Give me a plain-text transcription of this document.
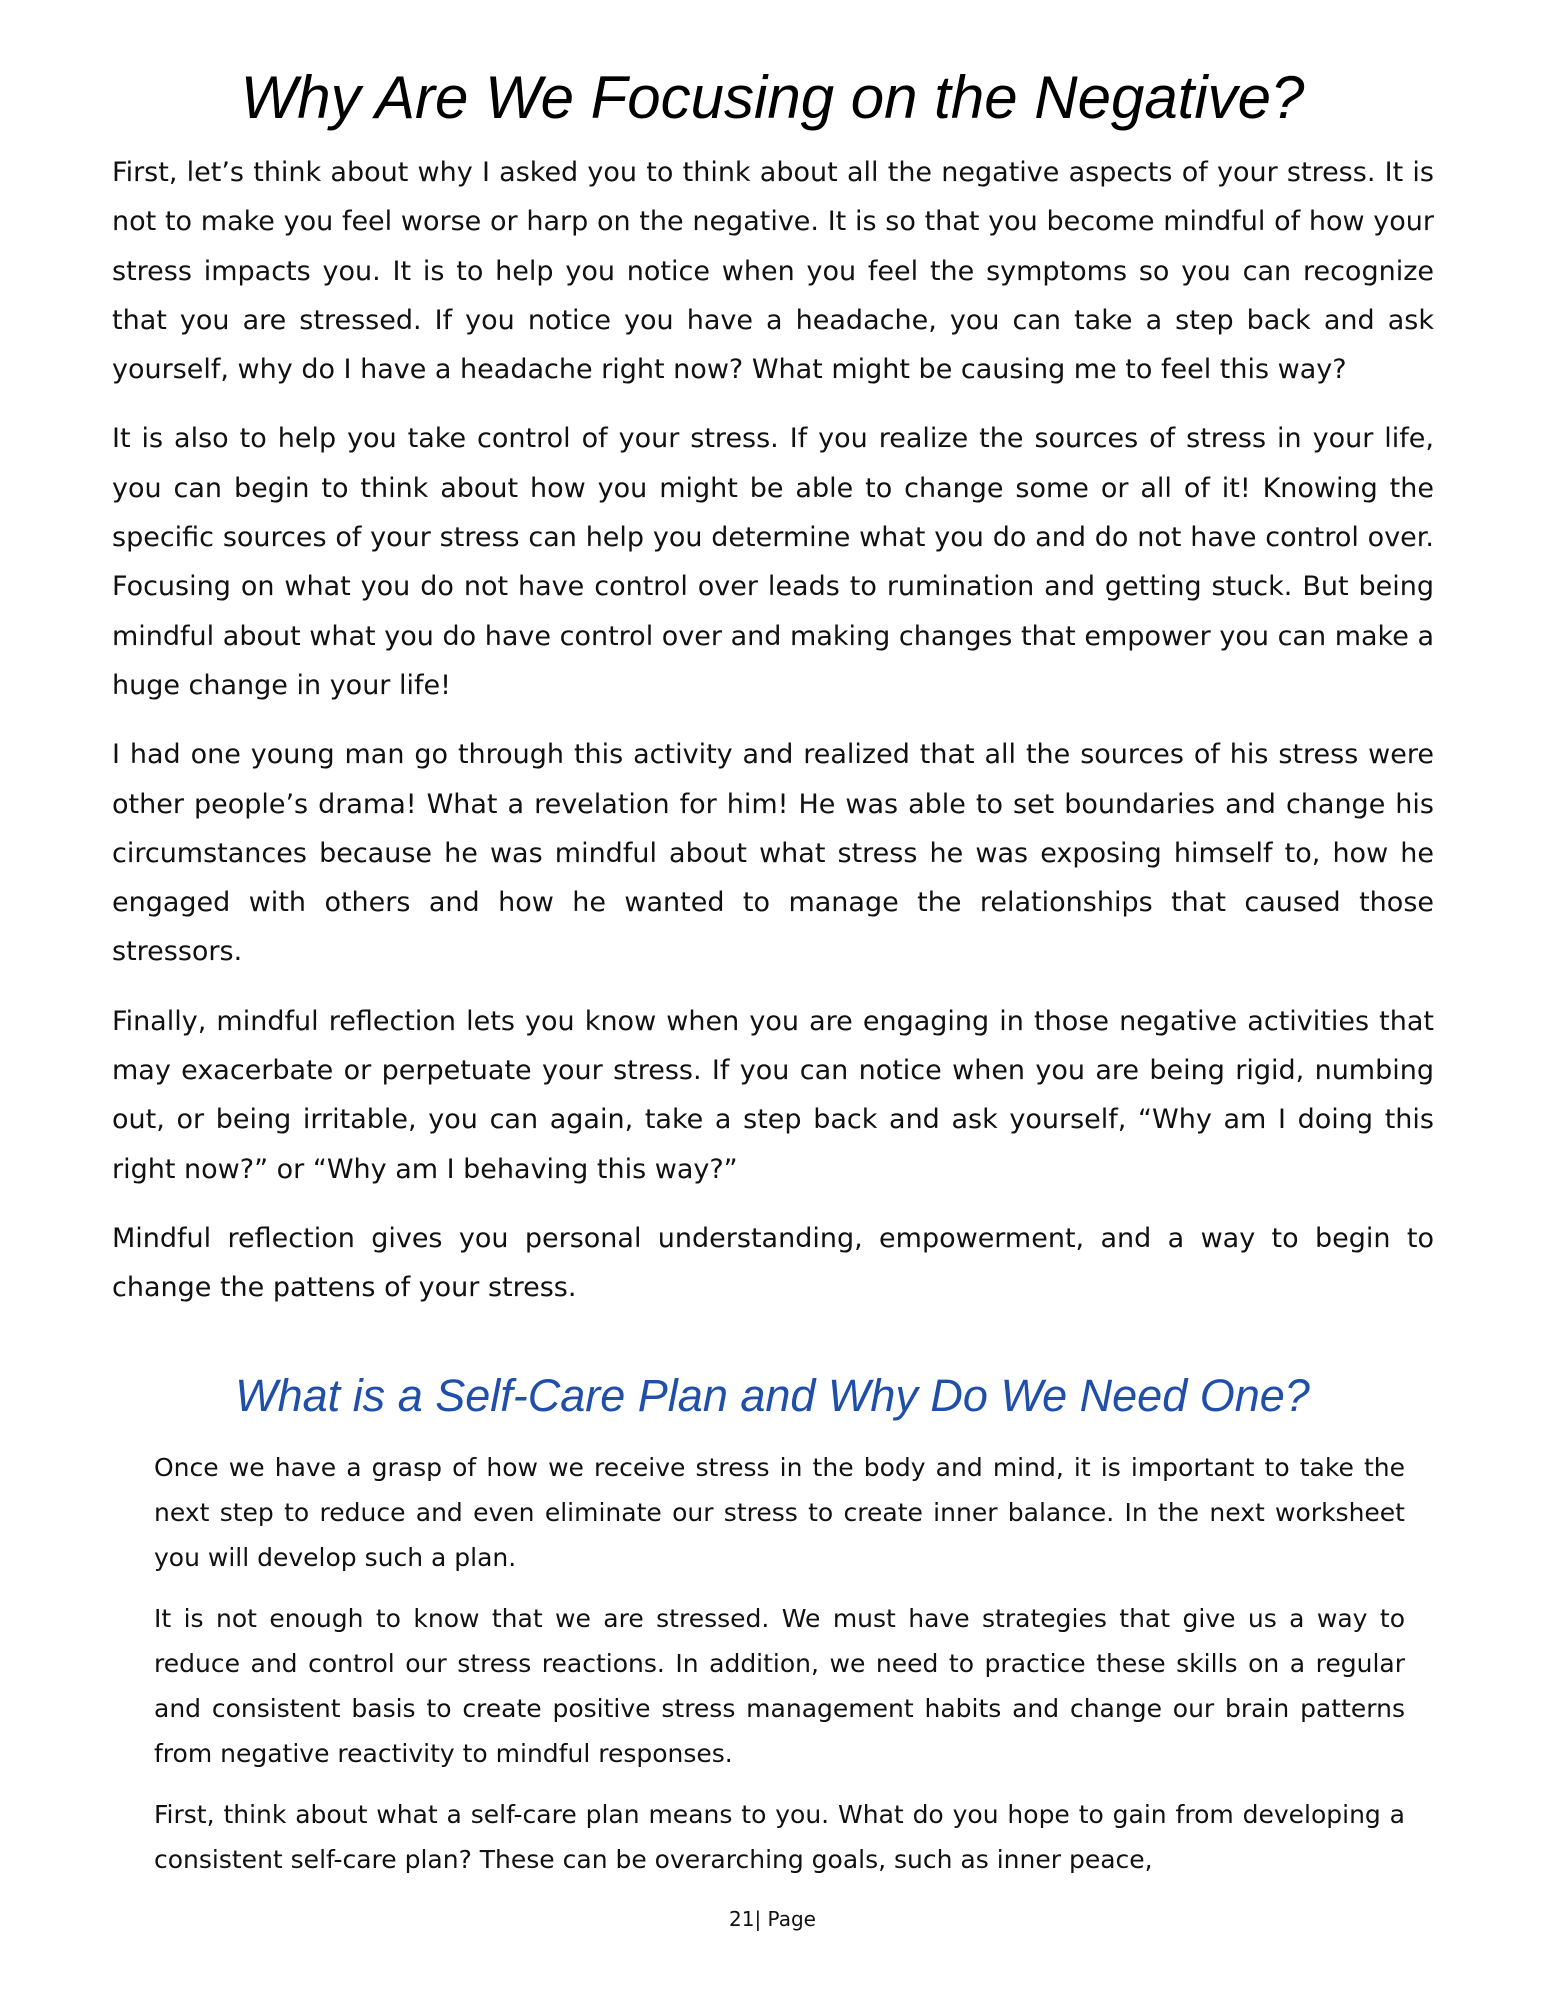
Why Are We Focusing on the Negative?

First, let’s think about why I asked you to think about all the negative aspects of your stress. It is not to make you feel worse or harp on the negative. It is so that you become mindful of how your stress impacts you. It is to help you notice when you feel the symptoms so you can recognize that you are stressed. If you notice you have a headache, you can take a step back and ask yourself, why do I have a headache right now? What might be causing me to feel this way?

It is also to help you take control of your stress. If you realize the sources of stress in your life, you can begin to think about how you might be able to change some or all of it! Knowing the specific sources of your stress can help you determine what you do and do not have control over. Focusing on what you do not have control over leads to rumination and getting stuck. But being mindful about what you do have control over and making changes that empower you can make a huge change in your life!

I had one young man go through this activity and realized that all the sources of his stress were other people’s drama! What a revelation for him! He was able to set boundaries and change his circumstances because he was mindful about what stress he was exposing himself to, how he engaged with others and how he wanted to manage the relationships that caused those stressors.

Finally, mindful reflection lets you know when you are engaging in those negative activities that may exacerbate or perpetuate your stress. If you can notice when you are being rigid, numbing out, or being irritable, you can again, take a step back and ask yourself, “Why am I doing this right now?” or “Why am I behaving this way?”

Mindful reflection gives you personal understanding, empowerment, and a way to begin to change the pattens of your stress.

What is a Self-Care Plan and Why Do We Need One?

Once we have a grasp of how we receive stress in the body and mind, it is important to take the next step to reduce and even eliminate our stress to create inner balance. In the next worksheet you will develop such a plan.

It is not enough to know that we are stressed. We must have strategies that give us a way to reduce and control our stress reactions. In addition, we need to practice these skills on a regular and consistent basis to create positive stress management habits and change our brain patterns from negative reactivity to mindful responses.

First, think about what a self-care plan means to you. What do you hope to gain from developing a consistent self-care plan? These can be overarching goals, such as inner peace,

21| Page
